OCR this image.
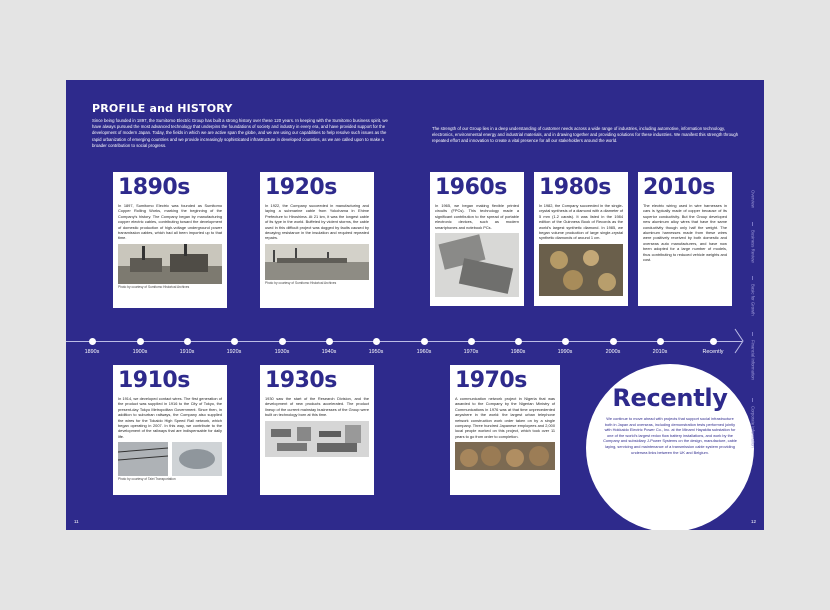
PROFILE and HISTORY

Since being founded in 1897, the Sumitomo Electric Group has built a strong history over these 120 years. In keeping with the Sumitomo business spirit, we have always pursued the most advanced technology that underpins the foundations of society and industry in every era, and have provided support for the development of modern Japan. Today, the fields in which we are active span the globe, and we are using our capabilities to help resolve such issues as the rapid urbanization of emerging countries and we provide increasingly sophisticated infrastructure in developed countries, as we are called upon to make a broader contribution to social progress.

The strength of our Group lies in a deep understanding of customer needs across a wide range of industries, including automotive, information technology, electronics, environmental energy and industrial materials, and in drawing together and providing solutions for these industries. We manifest this strength through repeated effort and innovation to create a vital presence for all our stakeholders around the world.

1890s
In 1897, Sumitomo Electric was founded as Sumitomo Copper Rolling Works, marking the beginning of the Company's history. The Company began by manufacturing copper electric cables, contributing toward the development of domestic production of high-voltage underground power transmission cables, which had all been imported up to that time.
Photo by courtesy of Sumitomo Historical Archives
1920s
In 1922, the Company succeeded in manufacturing and laying a submarine cable from Yokohama in Ehime Prefecture to Hiroshima. At 21 km, it was the longest cable of its type in the world. Buffeted by violent storms, the cable used in this difficult project was dogged by faults caused by decaying resistance in the insulation and required repeated repairs.
Photo by courtesy of Sumitomo Historical Archives
1960s
In 1965, we began making flexible printed circuits (FPCs). This technology made a significant contribution to the spread of portable electronic devices, such as modern smartphones and notebook PCs.
1980s
In 1982, the Company succeeded in the single-crystal synthesis of a diamond with a diameter of 5 mm (1.2 carats). It was listed in the 1984 edition of the Guinness Book of Records as the world's largest synthetic diamond. In 1985, we began volume production of large single-crystal synthetic diamonds of around 1 cm.
2010s
The electric wiring used in wire harnesses in cars is typically made of copper because of its superior conductivity. But the Group developed new aluminum alloy wires that have the same conductivity though only half the weight. The aluminum harnesses made from these wires were positively received by both domestic and overseas auto manufacturers, and have now been adopted for a large number of models, thus contributing to reduced vehicle weights and cost.
1890s	1900s	1910s	1920s	1930s	1940s	1950s	1960s	1970s	1980s	1990s	2000s	2010s	Recently
1910s
In 1914, we developed contact wires. The first generation of the product was supplied in 1916 to the City of Tokyo, the present-day Tokyo Metropolitan Government. Since then, in addition to suburban railways, the Company also supplied the wires for the Tokaido High Speed Rail network, which began operating in 2007. In this way, we contribute to the development of the railways that are indispensable for daily life.
Photo by courtesy of Taiei Transportation
1930s
1930 saw the start of the Research Division, and the development of new products accelerated. The product lineup of the current mainstay businesses of the Group were built on technology born at this time.
1970s
A communication network project in Nigeria that was awarded to the Company by the Nigerian Ministry of Communications in 1976 was at that time unprecedented anywhere in the world: the largest urban telephone network construction work order taken on by a single company. Three hundred Japanese employees and 2,000 local people worked on this project, which took over 11 years to go from order to completion.
Recently
We continue to move ahead with projects that support social infrastructure both in Japan and overseas, including demonstration tests performed jointly with Hokkaido Electric Power Co., Inc. at the Minami Hayakita substation for one of the world's largest redox flow battery installations, and work by the Company and subsidiary J-Power Systems on the design, manufacture, cable laying, servicing and maintenance of a transmission cable system providing undersea links between the UK and Belgium.
Overview
Business Review
Basic for Growth
Financial Information
Corporate Information
11	12
